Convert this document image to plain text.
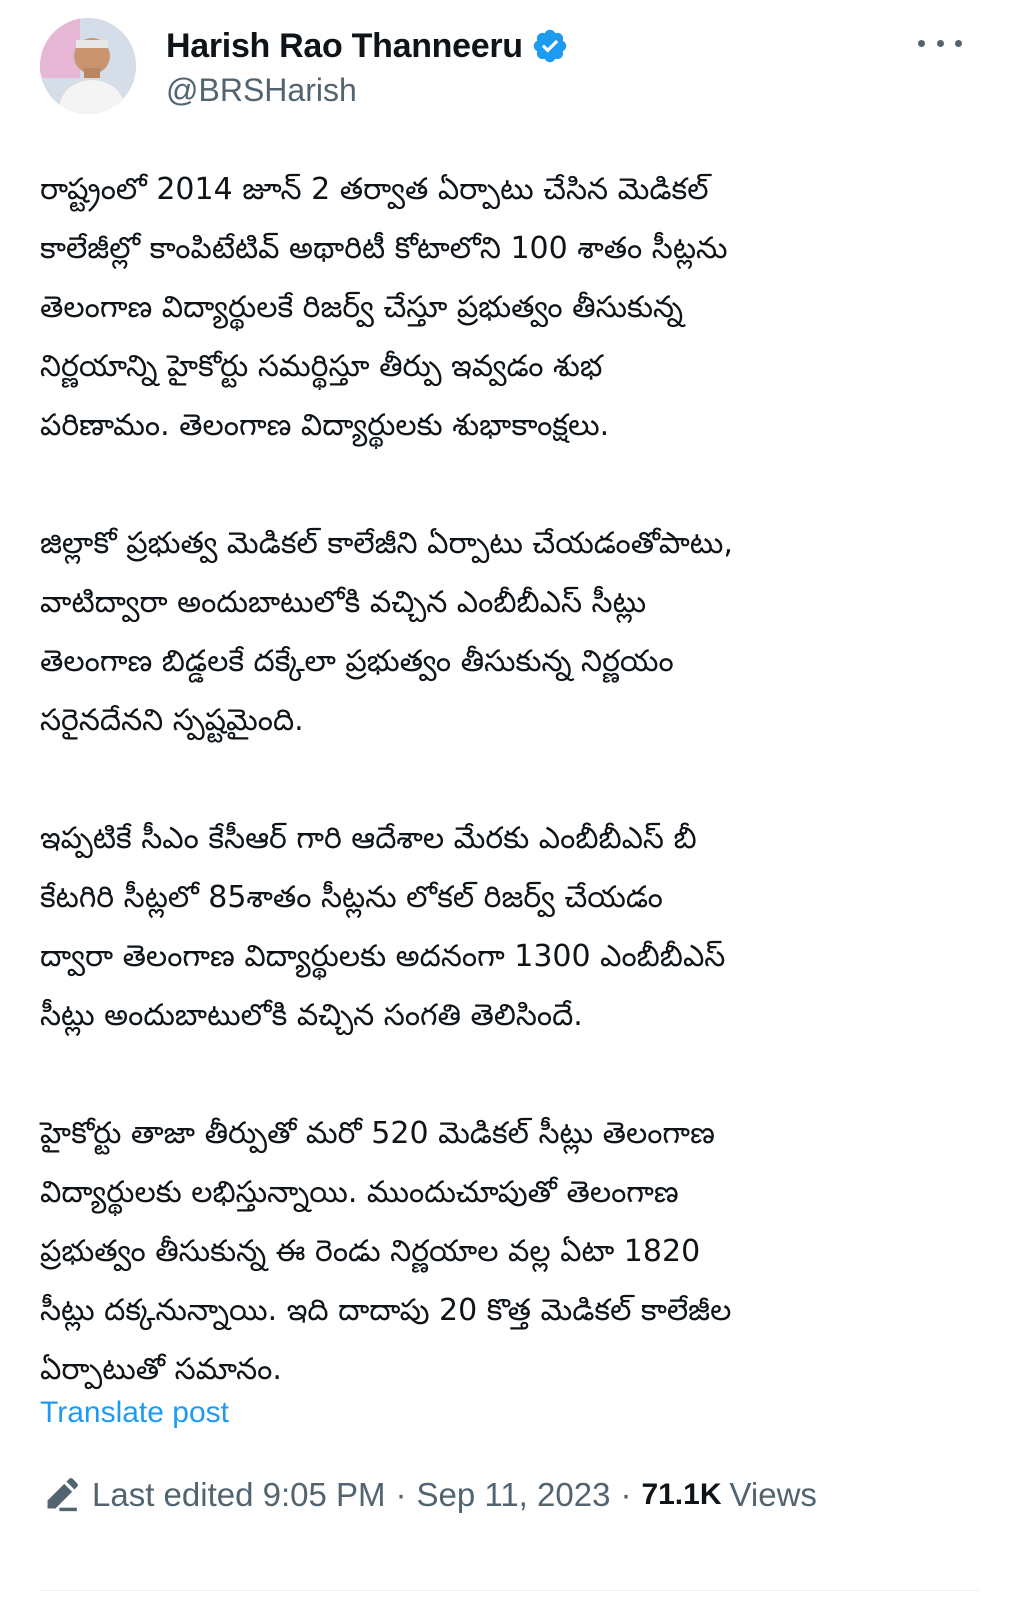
Harish Rao Thanneeru
@BRSHarish
రాష్ట్రంలో 2014 జూన్ 2 తర్వాత ఏర్పాటు చేసిన మెడికల్
కాలేజీల్లో కాంపిటేటివ్ అథారిటీ కోటాలోని 100 శాతం సీట్లను
తెలంగాణ విద్యార్థులకే రిజర్వ్ చేస్తూ ప్రభుత్వం తీసుకున్న
నిర్ణయాన్ని హైకోర్టు సమర్థిస్తూ తీర్పు ఇవ్వడం శుభ
పరిణామం. తెలంగాణ విద్యార్థులకు శుభాకాంక్షలు.
జిల్లాకో ప్రభుత్వ మెడికల్ కాలేజీని ఏర్పాటు చేయడంతోపాటు,
వాటిద్వారా అందుబాటులోకి వచ్చిన ఎంబీబీఎస్ సీట్లు
తెలంగాణ బిడ్డలకే దక్కేలా ప్రభుత్వం తీసుకున్న నిర్ణయం
సరైనదేనని స్పష్టమైంది.
ఇప్పటికే సీఎం కేసీఆర్ గారి ఆదేశాల మేరకు ఎంబీబీఎస్ బీ
కేటగిరి సీట్లలో 85శాతం సీట్లను లోకల్ రిజర్వ్ చేయడం
ద్వారా తెలంగాణ విద్యార్థులకు అదనంగా 1300 ఎంబీబీఎస్
సీట్లు అందుబాటులోకి వచ్చిన సంగతి తెలిసిందే.
హైకోర్టు తాజా తీర్పుతో మరో 520 మెడికల్ సీట్లు తెలంగాణ
విద్యార్థులకు లభిస్తున్నాయి. ముందుచూపుతో తెలంగాణ
ప్రభుత్వం తీసుకున్న ఈ రెండు నిర్ణయాల వల్ల ఏటా 1820
సీట్లు దక్కనున్నాయి. ఇది దాదాపు 20 కొత్త మెడికల్ కాలేజీల
ఏర్పాటుతో సమానం.
Translate post
Last edited 9:05 PM · Sep 11, 2023 · 71.1K Views
